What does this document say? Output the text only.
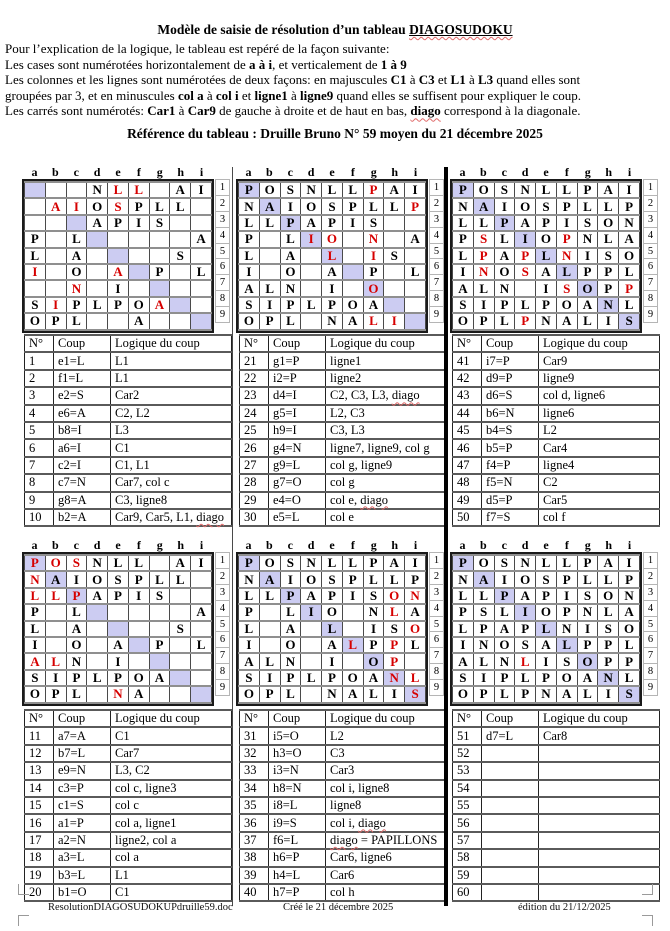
Modèle de saisie de résolution d’un tableau DIAGOSUDOKU
Pour l’explication de la logique, le tableau est repéré de la façon suivante:
Les cases sont numérotées horizontalement de a à i, et verticalement de 1 à 9
Les colonnes et les lignes sont numérotées de deux façons: en majuscules C1 à C3 et L1 à L3 quand elles sont
groupées par 3, et en minuscules col a à col i et ligne1 à ligne9 quand elles se suffisent pour expliquer le coup.
Les carrés sont numérotés: Car1 à Car9 de gauche à droite et de haut en bas, diago correspond à la diagonale.
Référence du tableau : Druille Bruno N° 59 moyen du 21 décembre 2025
a	b	c	d	e	f	g	h	i
			N	L	L		A	I
	A	I	O	S	P	L	L	
			A	P	I	S		
P		L						A
L		A					S	
I		O		A		P		L
		N		I				
S	I	P	L	P	O	A		
O	P	L			A			
1
2
3
4
5
6
7
8
9
a	b	c	d	e	f	g	h	i
P	O	S	N	L	L	P	A	I
N	A	I	O	S	P	L	L	P
L	L	P	A	P	I	S		
P		L	I	O		N		A
L		A		L		I	S	
I		O		A		P		L
A	L	N		I		O		
S	I	P	L	P	O	A		
O	P	L		N	A	L	I	
1
2
3
4
5
6
7
8
9
a	b	c	d	e	f	g	h	i
P	O	S	N	L	L	P	A	I
N	A	I	O	S	P	L	L	P
L	L	P	A	P	I	S	O	N
P	S	L	I	O	P	N	L	A
L	P	A	P	L	N	I	S	O
I	N	O	S	A	L	P	P	L
A	L	N		I	S	O	P	P
S	I	P	L	P	O	A	N	L
O	P	L	P	N	A	L	I	S
1
2
3
4
5
6
7
8
9
a	b	c	d	e	f	g	h	i
P	O	S	N	L	L		A	I
N	A	I	O	S	P	L	L	
L	L	P	A	P	I	S		
P		L						A
L		A					S	
I		O		A		P		L
A	L	N		I				
S	I	P	L	P	O	A		
O	P	L		N	A			
1
2
3
4
5
6
7
8
9
a	b	c	d	e	f	g	h	i
P	O	S	N	L	L	P	A	I
N	A	I	O	S	P	L	L	P
L	L	P	A	P	I	S	O	N
P		L	I	O		N	L	A
L		A		L		I	S	O
I		O		A	L	P	P	L
A	L	N		I		O	P	
S	I	P	L	P	O	A	N	L
O	P	L		N	A	L	I	S
1
2
3
4
5
6
7
8
9
a	b	c	d	e	f	g	h	i
P	O	S	N	L	L	P	A	I
N	A	I	O	S	P	L	L	P
L	L	P	A	P	I	S	O	N
P	S	L	I	O	P	N	L	A
L	P	A	P	L	N	I	S	O
I	N	O	S	A	L	P	P	L
A	L	N	L	I	S	O	P	P
S	I	P	L	P	O	A	N	L
O	P	L	P	N	A	L	I	S
1
2
3
4
5
6
7
8
9
N°	Coup	Logique du coup
1	e1=L	L1
2	f1=L	L1
3	e2=S	Car2
4	e6=A	C2, L2
5	b8=I	L3
6	a6=I	C1
7	c2=I	C1, L1
8	c7=N	Car7, col c
9	g8=A	C3, ligne8
10	b2=A	Car9, Car5, L1, diago
N°	Coup	Logique du coup
21	g1=P	ligne1
22	i2=P	ligne2
23	d4=I	C2, C3, L3, diago
24	g5=I	L2, C3
25	h9=I	C3, L3
26	g4=N	ligne7, ligne9, col g
27	g9=L	col g, ligne9
28	g7=O	col g
29	e4=O	col e, diago
30	e5=L	col e
N°	Coup	Logique du coup
41	i7=P	Car9
42	d9=P	ligne9
43	d6=S	col d, ligne6
44	b6=N	ligne6
45	b4=S	L2
46	b5=P	Car4
47	f4=P	ligne4
48	f5=N	C2
49	d5=P	Car5
50	f7=S	col f
N°	Coup	Logique du coup
11	a7=A	C1
12	b7=L	Car7
13	e9=N	L3, C2
14	c3=P	col c, ligne3
15	c1=S	col c
16	a1=P	col a, ligne1
17	a2=N	ligne2, col a
18	a3=L	col a
19	b3=L	L1
20	b1=O	C1
N°	Coup	Logique du coup
31	i5=O	L2
32	h3=O	C3
33	i3=N	Car3
34	h8=N	col i, ligne8
35	i8=L	ligne8
36	i9=S	col i, diago
37	f6=L	diago = PAPILLONS
38	h6=P	Car6, ligne6
39	h4=L	Car6
40	h7=P	col h
N°	Coup	Logique du coup
51	d7=L	Car8
52		
53		
54		
55		
56		
57		
58		
59		
60		
ResolutionDIAGOSUDOKUPdruille59.doc	Créé le 21 décembre 2025	édition du 21/12/2025
